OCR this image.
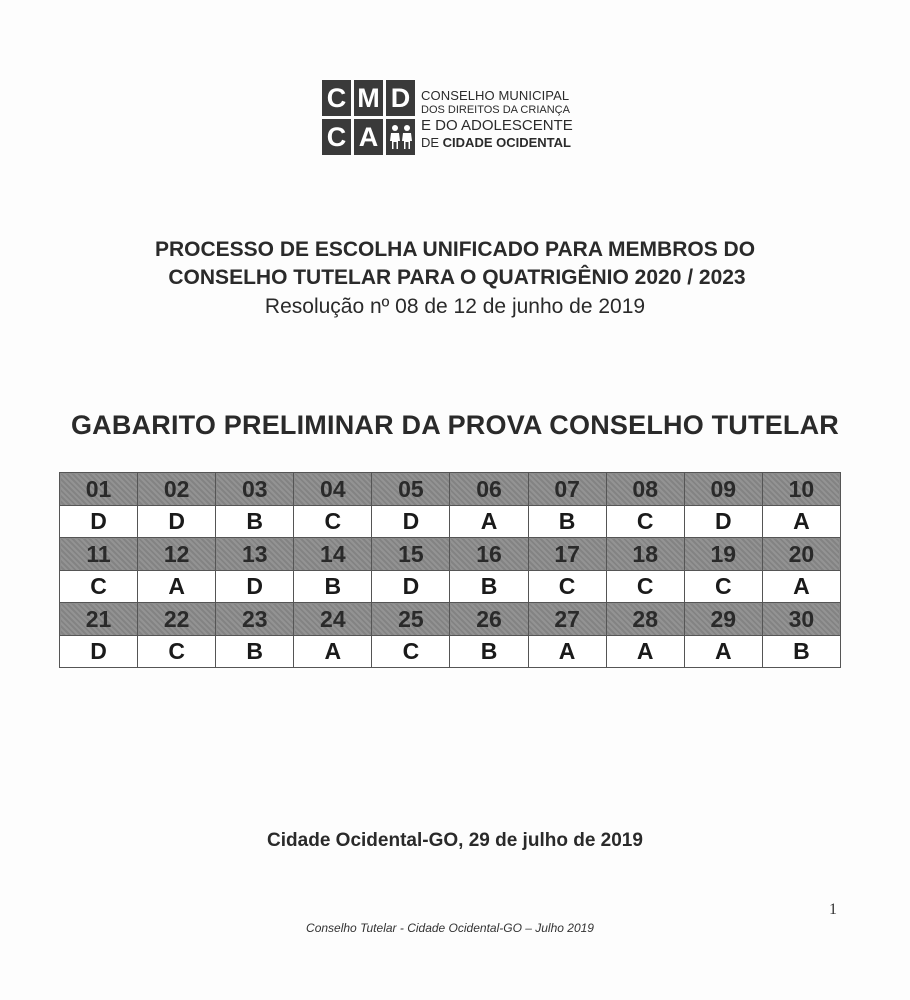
C M D
C A
CONSELHO MUNICIPAL
DOS DIREITOS DA CRIANÇA
E DO ADOLESCENTE
DE CIDADE OCIDENTAL
PROCESSO DE ESCOLHA UNIFICADO PARA MEMBROS DO
CONSELHO TUTELAR PARA O QUATRIGÊNIO 2020 / 2023
Resolução nº 08 de 12 de junho de 2019
GABARITO PRELIMINAR DA PROVA CONSELHO TUTELAR
01	02	03	04	05	06	07	08	09	10
D	D	B	C	D	A	B	C	D	A
11	12	13	14	15	16	17	18	19	20
C	A	D	B	D	B	C	C	C	A
21	22	23	24	25	26	27	28	29	30
D	C	B	A	C	B	A	A	A	B
Cidade Ocidental-GO, 29 de julho de 2019
1
Conselho Tutelar - Cidade Ocidental-GO – Julho 2019
